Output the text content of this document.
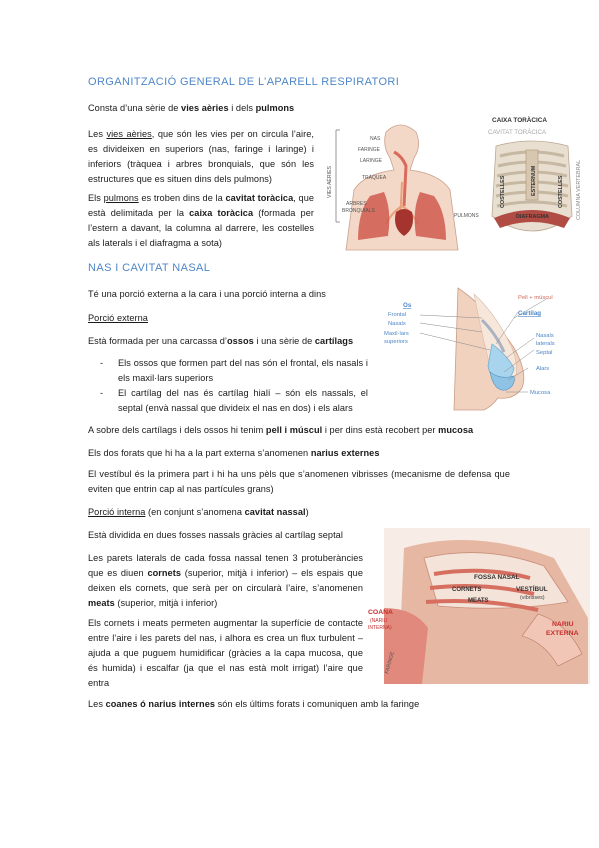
ORGANITZACIÓ GENERAL DE L’APARELL RESPIRATORI
Consta d’una sèrie de vies aèries i dels pulmons
Les vies aèries, que són les vies per on circula l’aire, es divideixen en superiors (nas, faringe i laringe) i inferiors (tràquea i arbres bronquials, que són les estructures que es situen dins dels pulmons)
Els pulmons es troben dins de la cavitat toràcica, que està delimitada per la caixa toràcica (formada per l’estern a davant, la columna al darrere, les costelles als laterals i el diafragma a sota)
NAS I CAVITAT NASAL
Té una porció externa a la cara i una porció interna a dins
Porció externa
Està formada per una carcassa d’ossos i una sèrie de cartílags
- Els ossos que formen part del nas són el frontal, els nasals i els maxil·lars superiors
- El cartílag del nas és cartílag hialí – són els nassals, el septal (envà nassal que divideix el nas en dos) i els alars
A sobre dels cartílags i dels ossos hi tenim pell i múscul i per dins està recobert per mucosa
Els dos forats que hi ha a la part externa s’anomenen narius externes
El vestíbul és la primera part i hi ha uns pèls que s’anomenen vibrisses (mecanisme de defensa que eviten que entrin cap al nas partícules grans)
Porció interna (en conjunt s’anomena cavitat nassal)
Està dividida en dues fosses nassals gràcies al cartílag septal
Les parets laterals de cada fossa nassal tenen 3 protuberàncies que es diuen cornets (superior, mitjà i inferior) – els espais que deixen els cornets, que serà per on circularà l’aire, s’anomenen meats (superior, mitjà i inferior)
Els cornets i meats permeten augmentar la superfície de contacte entre l’aire i les parets del nas, i alhora es crea un flux turbulent – ajuda a que puguem humidificar (gràcies a la capa mucosa, que és humida) i escalfar (ja que el nas està molt irrigat) l’aire que entra
Les coanes ó narius internes són els últims forats i comuniquen amb la faringe
VIES AÈRIES
NAS
FARINGE
LARINGE
TRÀQUEA
ARBRES
BRONQUIALS
PULMONS
CAIXA TORÀCICA
CAVITAT TORÀCICA
ESTERNUM
COSTELLES	COSTELLES
DIAFRAGMA	COLUMNA VERTEBRAL
Os
Frontal
Nasals
Maxil·lars
superiors
Pell + múscul
Cartílag
Nasals
laterals
Septal
Alars
Mucosa
FOSSA NASAL
CORNETS
MEATS
VESTÍBUL
(vibrisses)
COANA
(NARIU
INTERNA)	NARIU
EXTERNA
FARINGE
